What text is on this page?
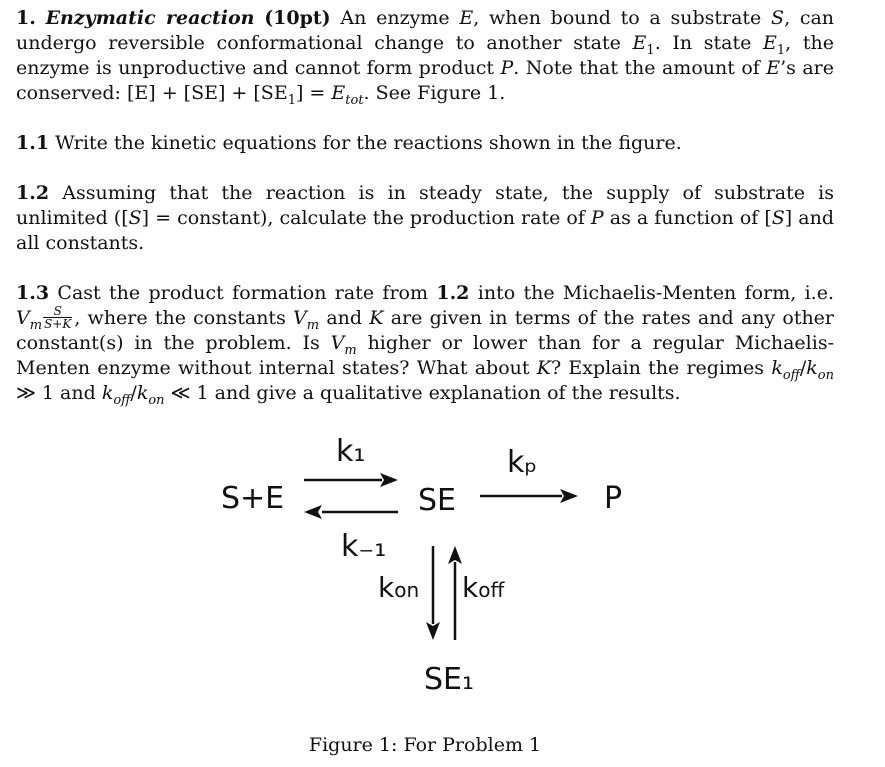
1. Enzymatic reaction (10pt) An enzyme E, when bound to a substrate S, can undergo reversible conformational change to another state $E_1$. In state $E_1$, the enzyme is unproductive and cannot form product P. Note that the amount of E’s are conserved: $[E] + [SE] + [SE_1] = E_{tot}$. See Figure 1.

1.1 Write the kinetic equations for the reactions shown in the figure.

1.2 Assuming that the reaction is in steady state, the supply of substrate is unlimited ([S] = constant), calculate the production rate of P as a function of [S] and all constants.

1.3 Cast the product formation rate from 1.2 into the Michaelis-Menten form, i.e. $V_m \frac{S}{S+K}$ , where the constants $V_m$ and K are given in terms of the rates and any other constant(s) in the problem. Is $V_m$ higher or lower than for a regular Michaelis-Menten enzyme without internal states? What about K? Explain the regimes $k_{off}/k_{on}$ ≫ 1 and $k_{off}/k_{on}$ ≪ 1 and give a qualitative explanation of the results.

k₁
k₋₁
kₚ
kon koff
S+E	SE	P
SE₁
Figure 1: For Problem 1
